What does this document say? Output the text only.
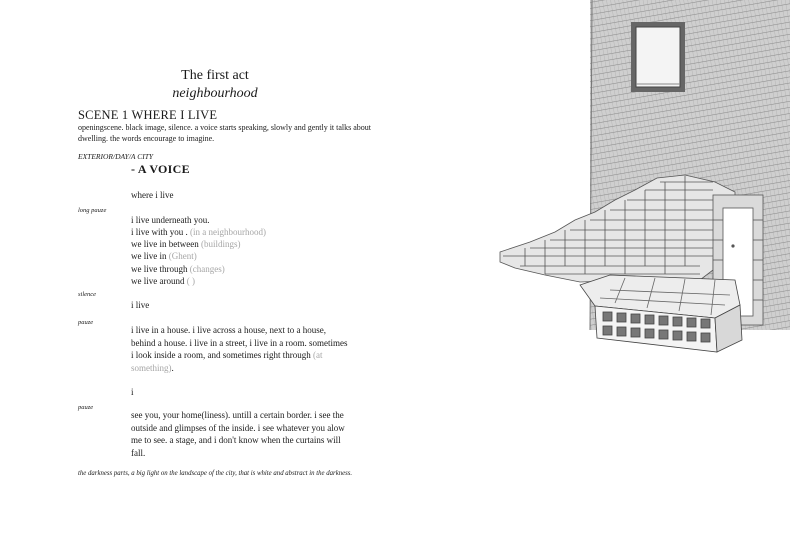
The first act
neighbourhood
SCENE 1 WHERE I LIVE
openingscene. black image, silence. a voice starts speaking, slowly and gently it talks about dwelling. the words encourage to imagine.
EXTERIOR/DAY/A CITY
- A VOICE
where i live
long pauze
i live underneath you.
i live with you . (in a neighbourhood)
we live in between (buildings)
we live in (Ghent)
we live through (changes)
we live around ( )
silence
i live
pauze
i live in a house. i live across a house, next to a house, behind a house. i live in a street, i live in a room. sometimes i look inside a room, and sometimes right through (at something).
i
pauze
see you, your home(liness). untill a certain border. i see the outside and glimpses of the inside. i see whatever you alow me to see. a stage, and i don't know when the curtains will fall.
the darkness parts, a big light on the landscape of the city, that is white and abstract in the darkness.
